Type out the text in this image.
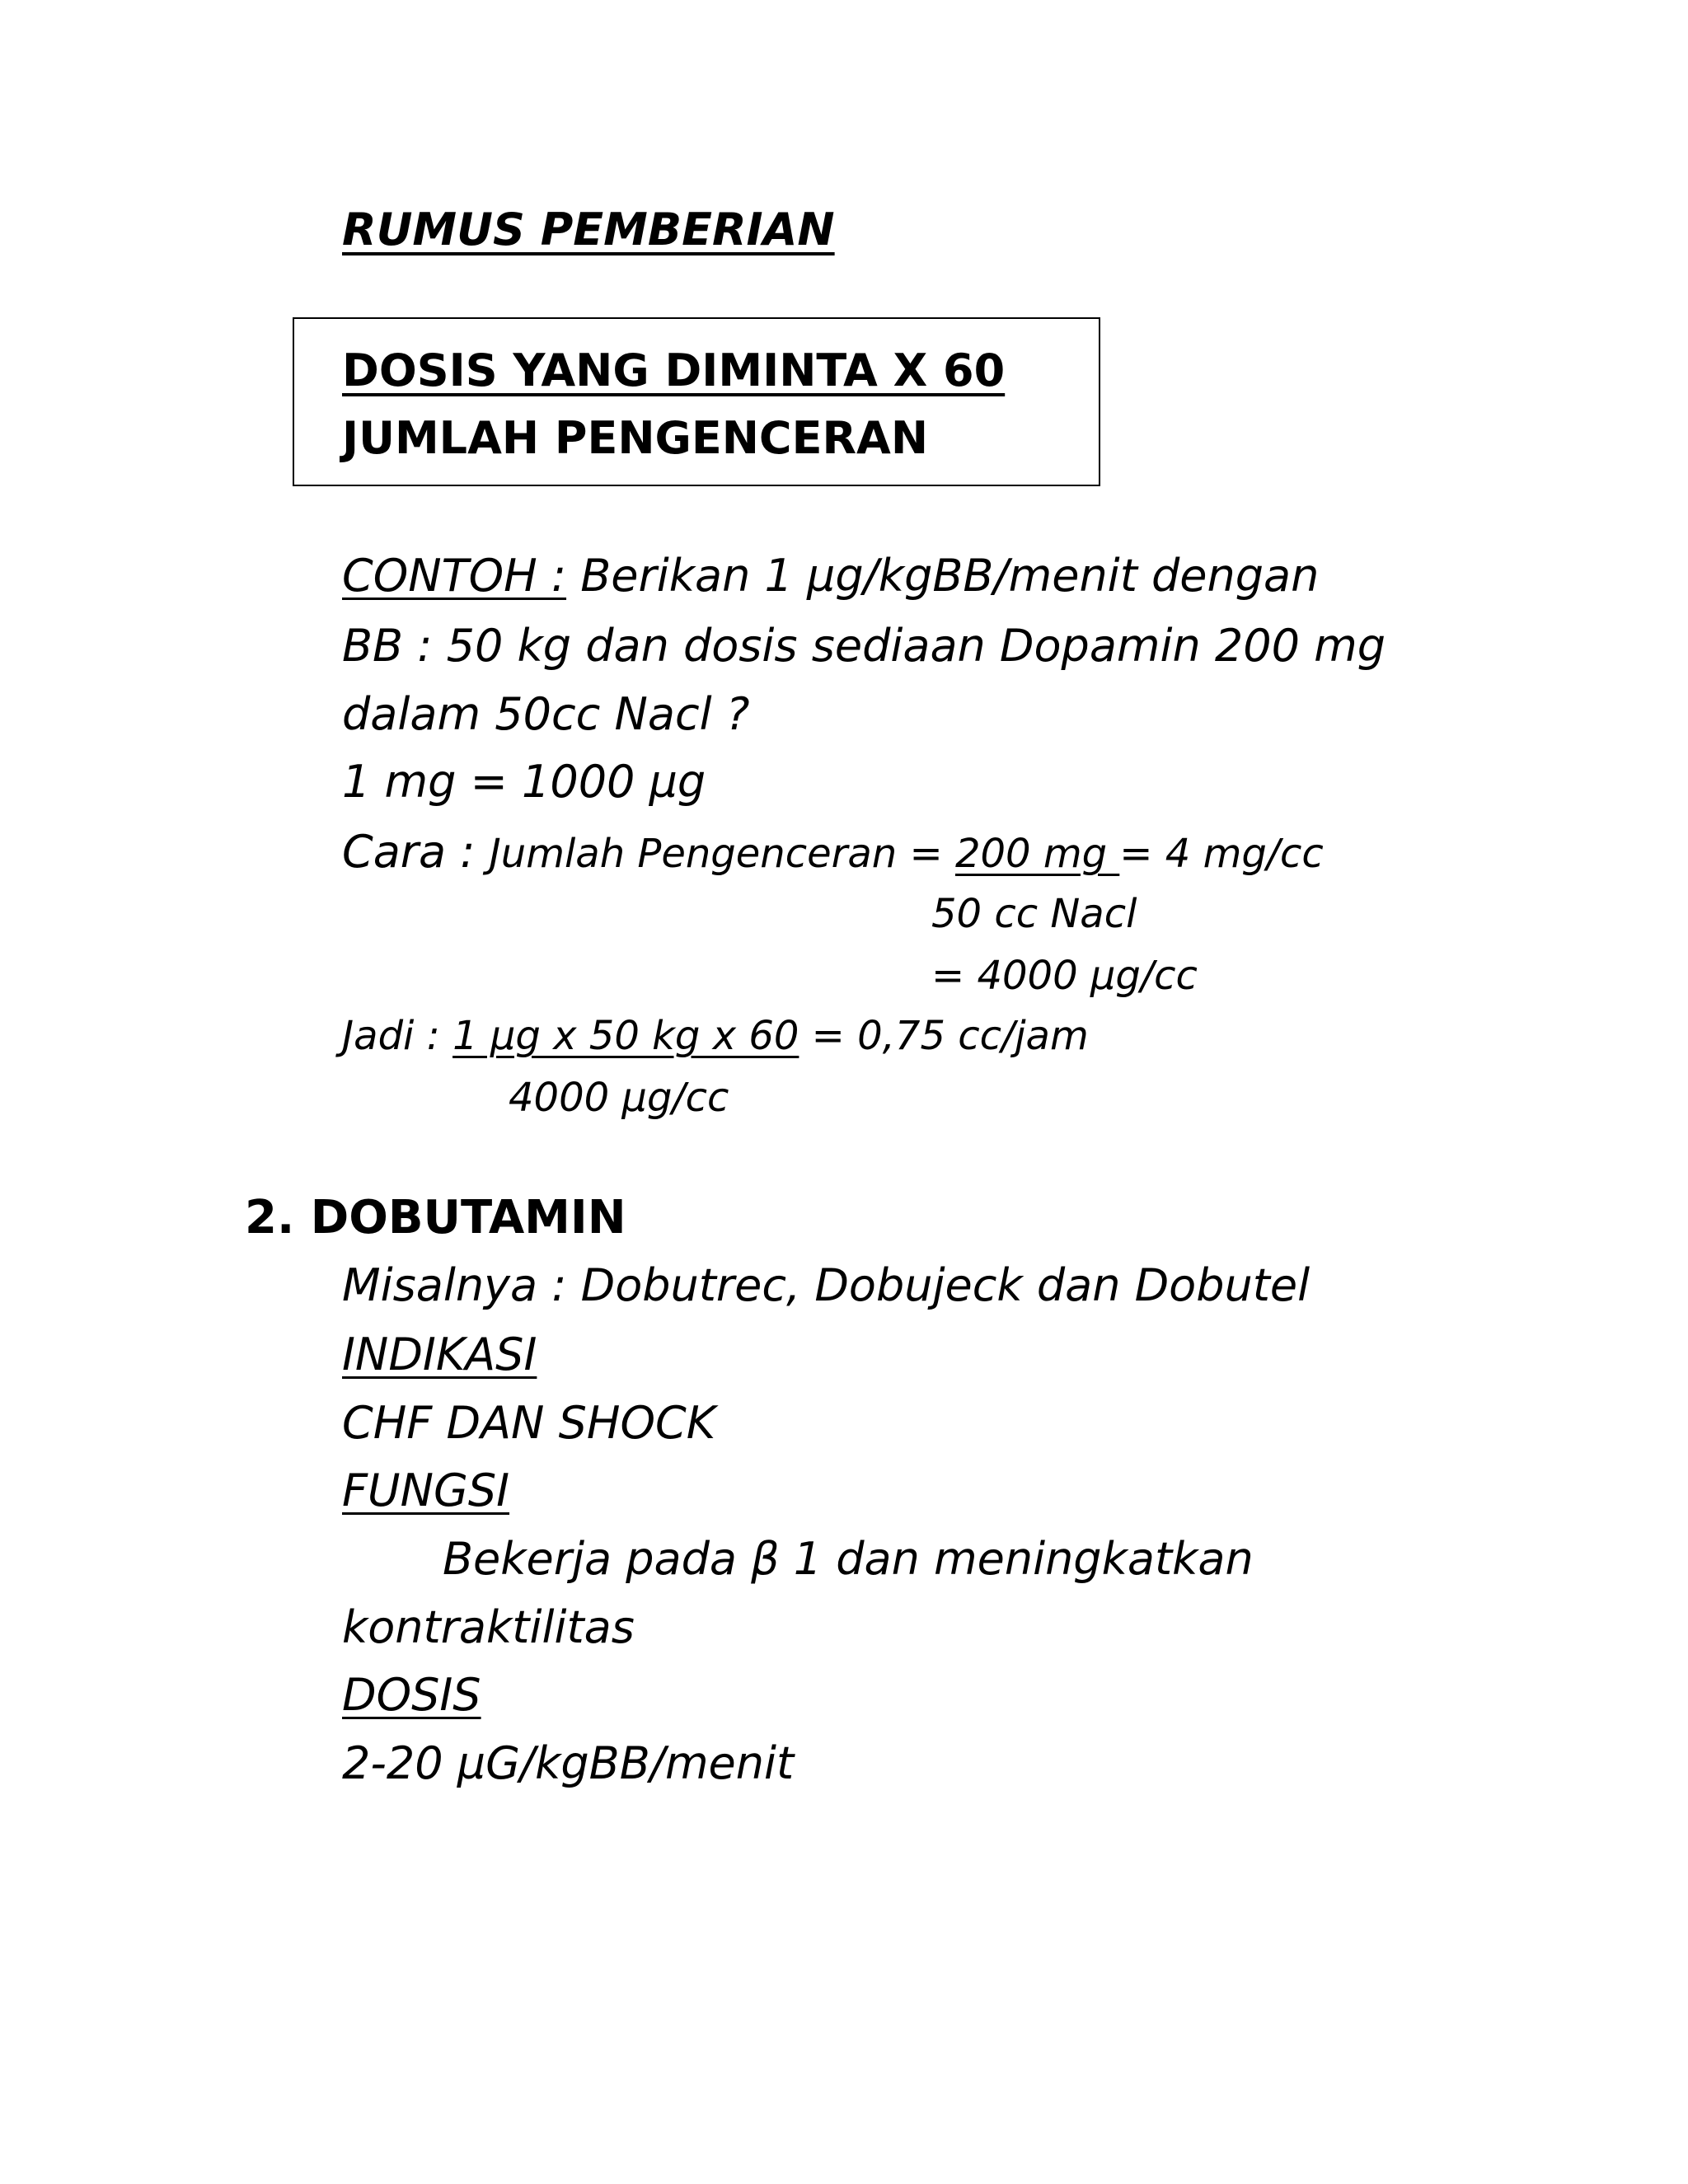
RUMUS PEMBERIAN
DOSIS YANG DIMINTA X 60
JUMLAH PENGENCERAN
CONTOH : Berikan 1 µg/kgBB/menit dengan
BB : 50 kg dan dosis sediaan Dopamin 200 mg
dalam 50cc Nacl ?
1 mg = 1000 µg
Cara : Jumlah Pengenceran = 200 mg = 4 mg/cc
50 cc Nacl
= 4000 µg/cc
Jadi : 1 µg x 50 kg x 60 = 0,75 cc/jam
4000 µg/cc
2. DOBUTAMIN
Misalnya : Dobutrec, Dobujeck dan Dobutel
INDIKASI
CHF DAN SHOCK
FUNGSI
Bekerja pada β 1 dan meningkatkan
kontraktilitas
DOSIS
2-20 µG/kgBB/menit
